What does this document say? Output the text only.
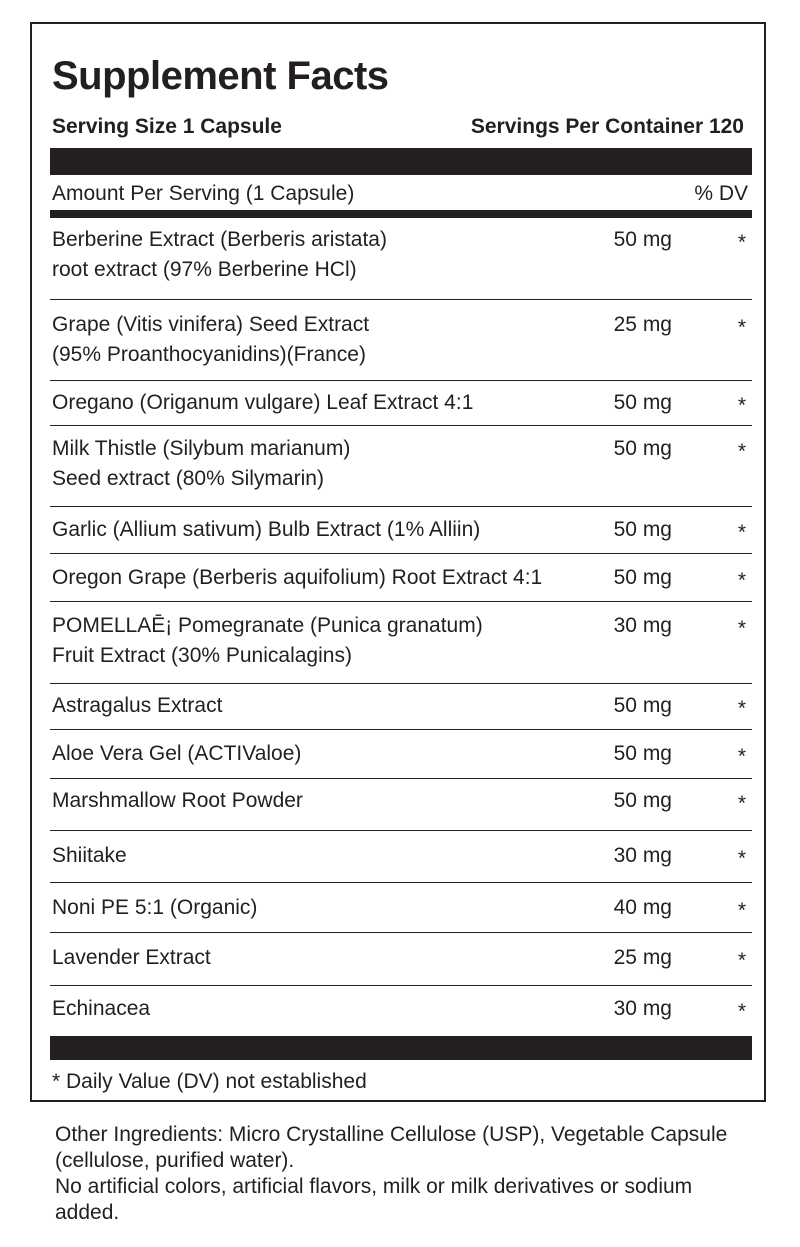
Supplement Facts
Serving Size 1 Capsule	Servings Per Container 120
Amount Per Serving (1 Capsule)	% DV
Berberine Extract (Berberis aristata)
root extract (97% Berberine HCl)
50 mg	*
Grape (Vitis vinifera) Seed Extract
(95% Proanthocyanidins)(France)
25 mg	*
Oregano (Origanum vulgare) Leaf Extract 4:1	50 mg	*
Milk Thistle (Silybum marianum)
Seed extract (80% Silymarin)
50 mg	*
Garlic (Allium sativum) Bulb Extract (1% Alliin)	50 mg	*
Oregon Grape (Berberis aquifolium) Root Extract 4:1	50 mg	*
POMELLAĒ¡ Pomegranate (Punica granatum)
Fruit Extract (30% Punicalagins)
30 mg	*
Astragalus Extract	50 mg	*
Aloe Vera Gel (ACTIValoe)	50 mg	*
Marshmallow Root Powder	50 mg	*
Shiitake	30 mg	*
Noni PE 5:1 (Organic)	40 mg	*
Lavender Extract	25 mg	*
Echinacea	30 mg	*
* Daily Value (DV) not established

Other Ingredients: Micro Crystalline Cellulose (USP), Vegetable Capsule (cellulose, purified water).

No artificial colors, artificial flavors, milk or milk derivatives or sodium added.
